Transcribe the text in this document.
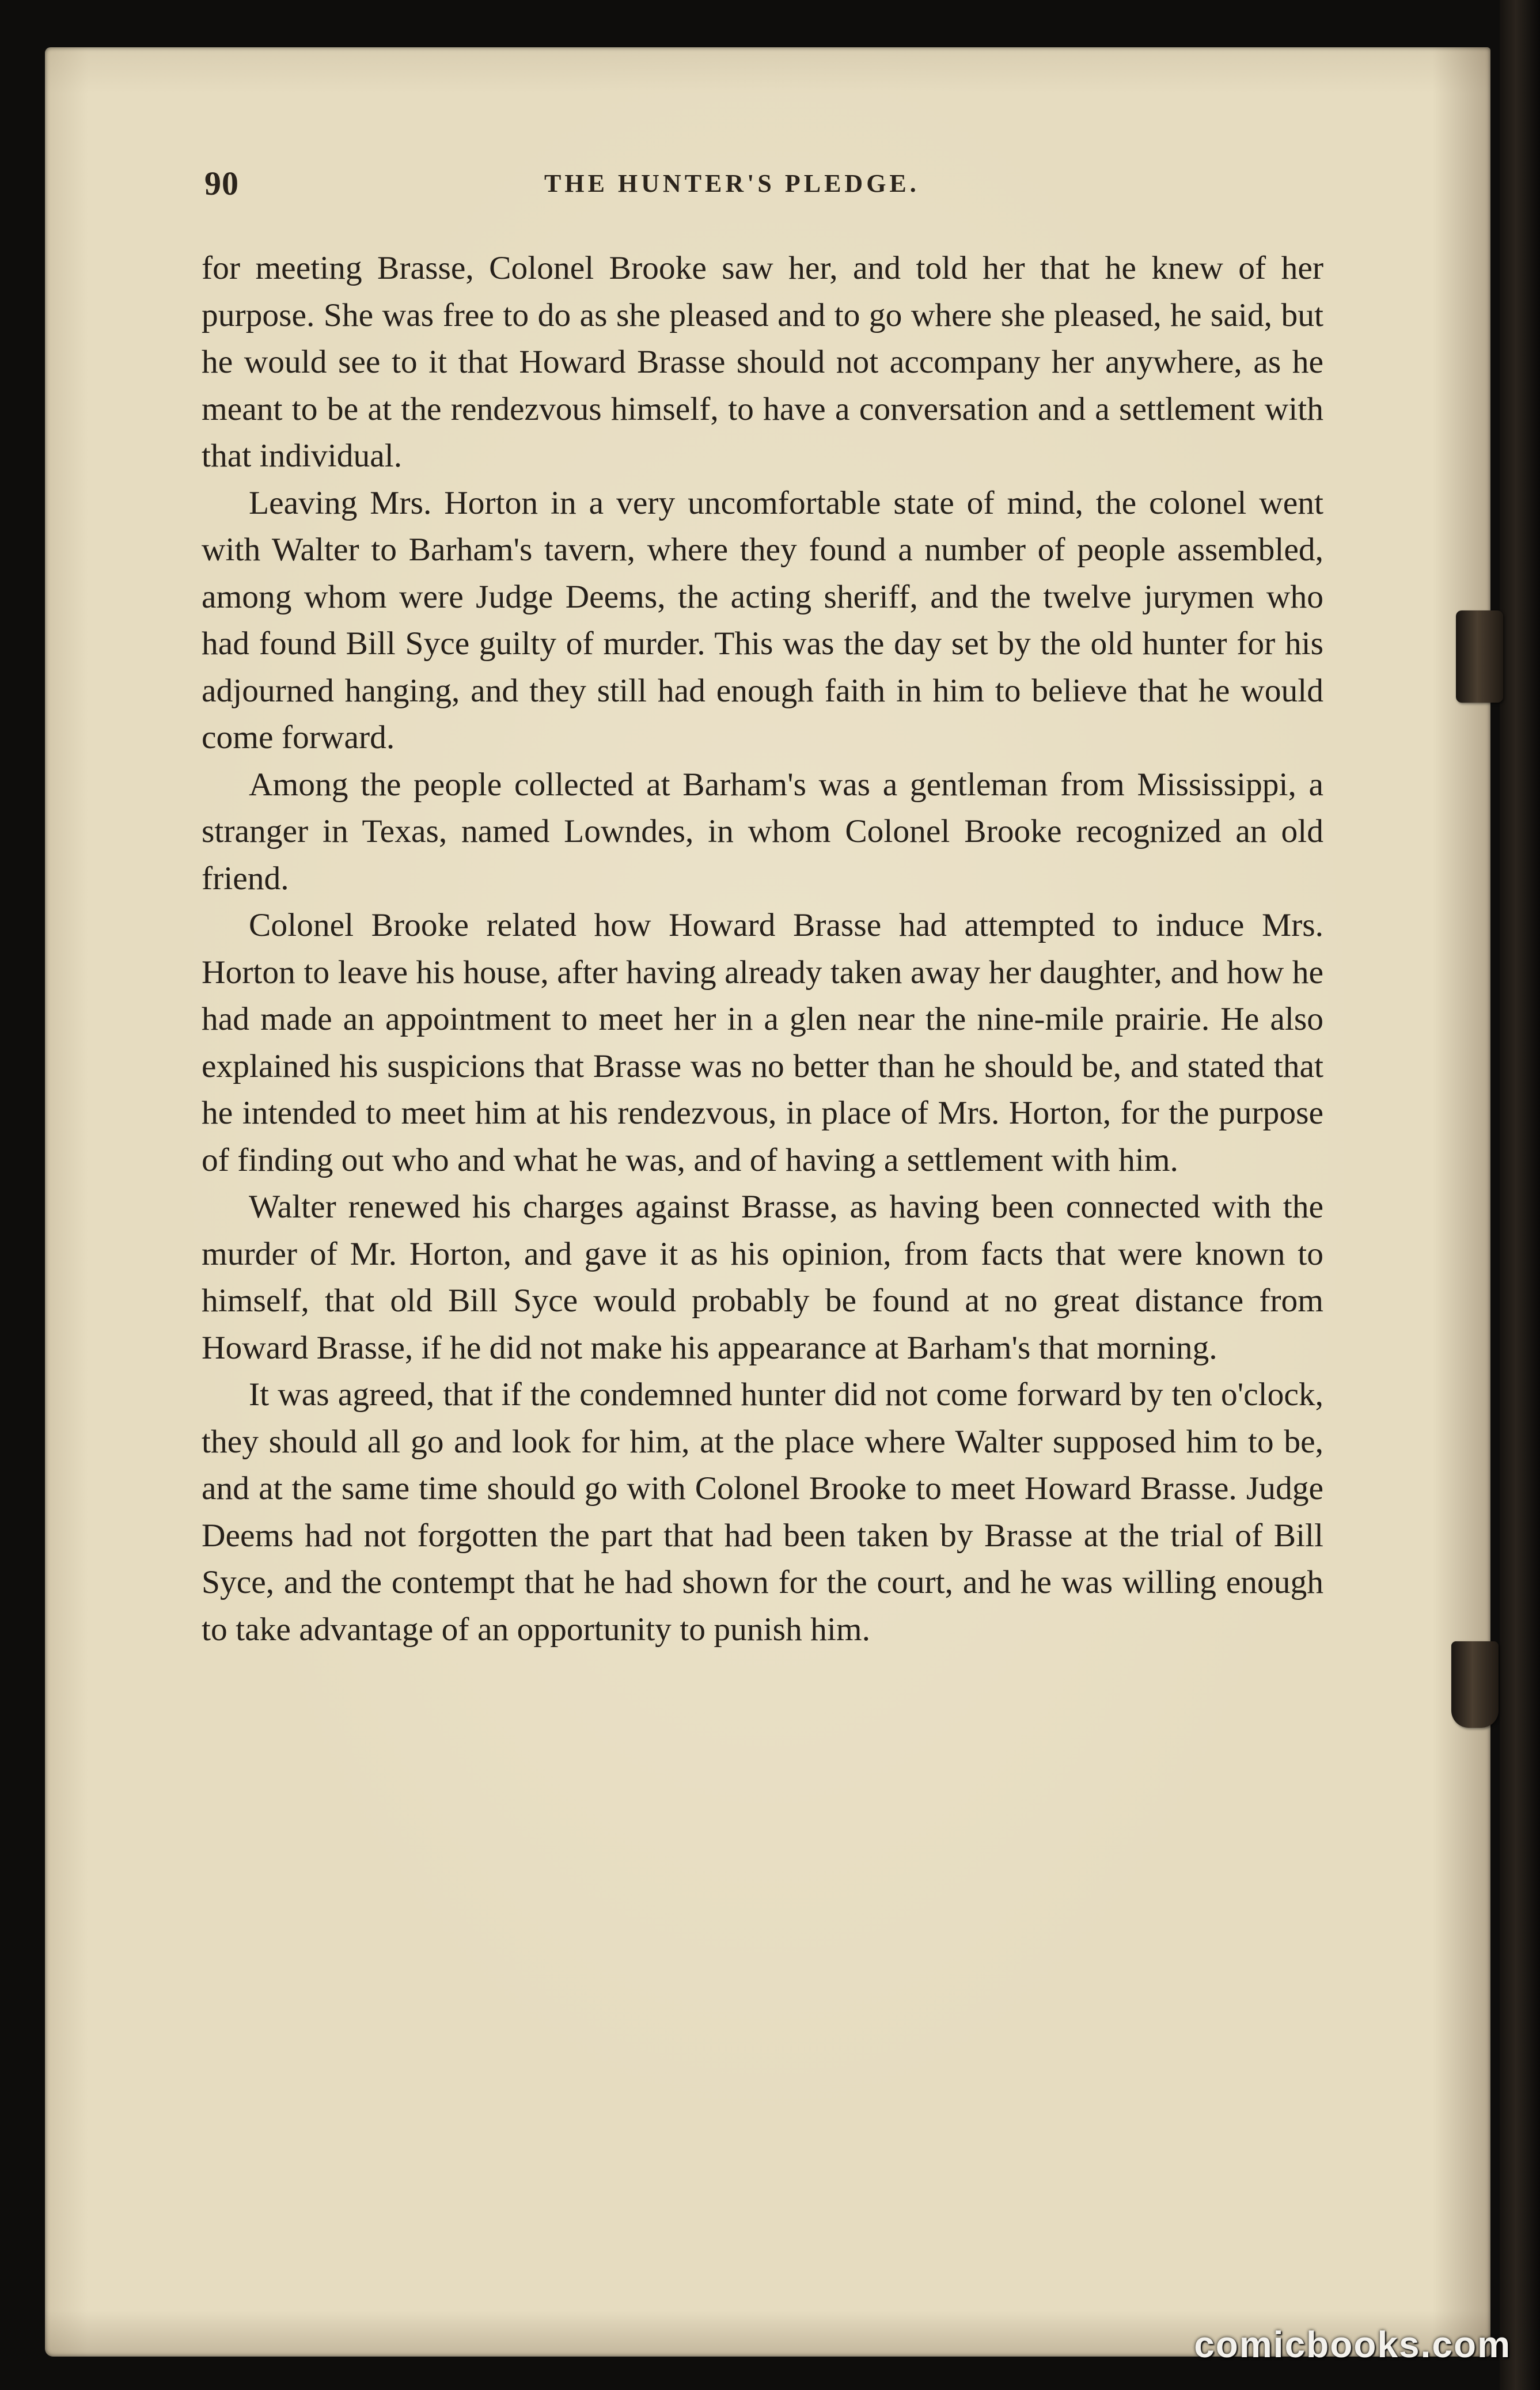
90	THE HUNTER'S PLEDGE.

for meeting Brasse, Colonel Brooke saw her, and told her that he knew of her purpose. She was free to do as she pleased and to go where she pleased, he said, but he would see to it that Howard Brasse should not accompany her anywhere, as he meant to be at the rendezvous himself, to have a conversation and a settlement with that individual.

Leaving Mrs. Horton in a very uncomfortable state of mind, the colonel went with Walter to Barham's tavern, where they found a number of people assembled, among whom were Judge Deems, the acting sheriff, and the twelve jurymen who had found Bill Syce guilty of murder. This was the day set by the old hunter for his adjourned hanging, and they still had enough faith in him to believe that he would come forward.

Among the people collected at Barham's was a gentleman from Mississippi, a stranger in Texas, named Lowndes, in whom Colonel Brooke recognized an old friend.

Colonel Brooke related how Howard Brasse had attempted to induce Mrs. Horton to leave his house, after having already taken away her daughter, and how he had made an appointment to meet her in a glen near the nine-mile prairie. He also explained his suspicions that Brasse was no better than he should be, and stated that he intended to meet him at his rendezvous, in place of Mrs. Horton, for the purpose of finding out who and what he was, and of having a settlement with him.

Walter renewed his charges against Brasse, as having been connected with the murder of Mr. Horton, and gave it as his opinion, from facts that were known to himself, that old Bill Syce would probably be found at no great distance from Howard Brasse, if he did not make his appearance at Barham's that morning.

It was agreed, that if the condemned hunter did not come forward by ten o'clock, they should all go and look for him, at the place where Walter supposed him to be, and at the same time should go with Colonel Brooke to meet Howard Brasse. Judge Deems had not forgotten the part that had been taken by Brasse at the trial of Bill Syce, and the contempt that he had shown for the court, and he was willing enough to take advantage of an opportunity to punish him.

comicbooks.com
